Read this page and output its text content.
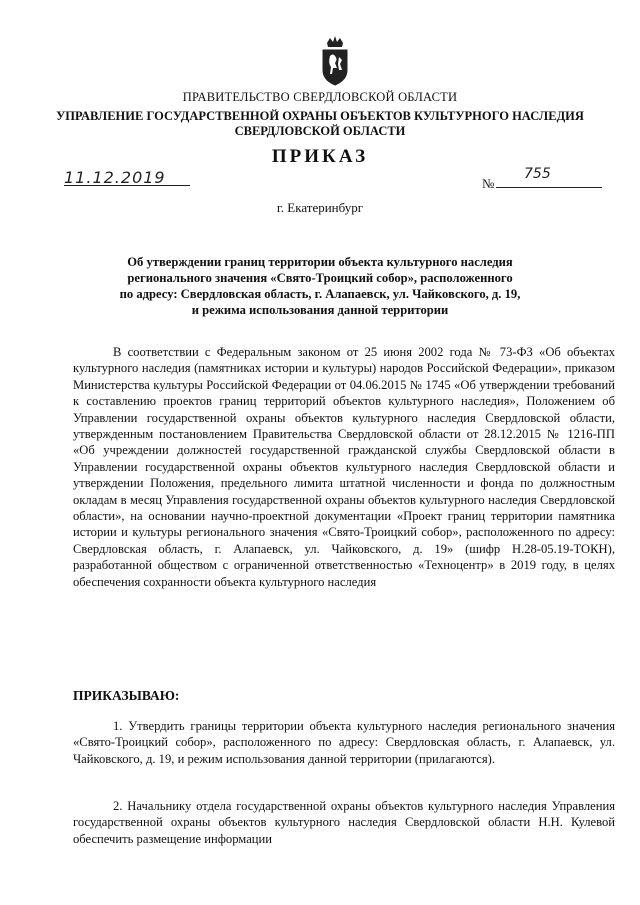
ПРАВИТЕЛЬСТВО СВЕРДЛОВСКОЙ ОБЛАСТИ
УПРАВЛЕНИЕ ГОСУДАРСТВЕННОЙ ОХРАНЫ ОБЪЕКТОВ КУЛЬТУРНОГО НАСЛЕДИЯ СВЕРДЛОВСКОЙ ОБЛАСТИ
ПРИКАЗ
11.12.2019	№
755
г. Екатеринбург
Об утверждении границ территории объекта культурного наследия
регионального значения «Свято-Троицкий собор», расположенного
по адресу: Свердловская область, г. Алапаевск, ул. Чайковского, д. 19,
и режима использования данной территории

В соответствии с Федеральным законом от 25 июня 2002 года № 73-ФЗ «Об объектах культурного наследия (памятниках истории и культуры) народов Российской Федерации», приказом Министерства культуры Российской Федерации от 04.06.2015 № 1745 «Об утверждении требований к составлению проектов границ территорий объектов культурного наследия», Положением об Управлении государственной охраны объектов культурного наследия Свердловской области, утвержденным постановлением Правительства Свердловской области от 28.12.2015 № 1216-ПП «Об учреждении должностей государственной гражданской службы Свердловской области в Управлении государственной охраны объектов культурного наследия Свердловской области и утверждении Положения, предельного лимита штатной численности и фонда по должностным окладам в месяц Управления государственной охраны объектов культурного наследия Свердловской области», на основании научно-проектной документации «Проект границ территории памятника истории и культуры регионального значения «Свято-Троицкий собор», расположенного по адресу: Свердловская область, г. Алапаевск, ул. Чайковского, д. 19» (шифр Н.28-05.19-ТОКН), разработанной обществом с ограниченной ответственностью «Техноцентр» в 2019 году, в целях обеспечения сохранности объекта культурного наследия

ПРИКАЗЫВАЮ:

1. Утвердить границы территории объекта культурного наследия регионального значения «Свято-Троицкий собор», расположенного по адресу: Свердловская область, г. Алапаевск, ул. Чайковского, д. 19, и режим использования данной территории (прилагаются).

2. Начальнику отдела государственной охраны объектов культурного наследия Управления государственной охраны объектов культурного наследия Свердловской области Н.Н. Кулевой обеспечить размещение информации
